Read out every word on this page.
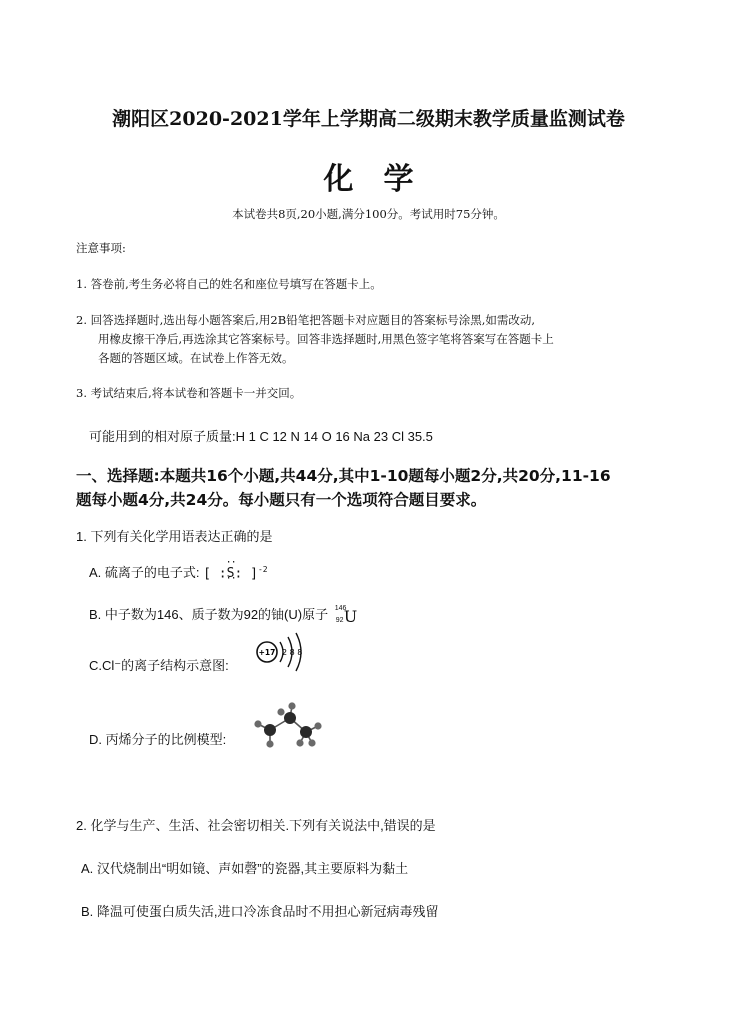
潮阳区2020-2021学年上学期高二级期末教学质量监测试卷
化学
本试卷共8页,20小题,满分100分。考试用时75分钟。
注意事项:
1. 答卷前,考生务必将自己的姓名和座位号填写在答题卡上。
2. 回答选择题时,选出每小题答案后,用2B铅笔把答题卡对应题目的答案标号涂黑,如需改动,
用橡皮擦干净后,再选涂其它答案标号。回答非选择题时,用黑色签字笔将答案写在答题卡上
各题的答题区域。在试卷上作答无效。
3. 考试结束后,将本试卷和答题卡一并交回。
可能用到的相对原子质量:H 1 C 12 N 14 O 16 Na 23 Cl 35.5
一、选择题:本题共16个小题,共44分,其中1-10题每小题2分,共20分,11-16
题每小题4分,共24分。每小题只有一个选项符合题目要求。
1. 下列有关化学用语表达正确的是
A. 硫离子的电子式: [ :·· S ··: ]$^{-2}$
B. 中子数为146、质子数为92的铀(U)原子 146
92 U
C.Cl⁻的离子结构示意图:
+17 2 8 8
D. 丙烯分子的比例模型:
2. 化学与生产、生活、社会密切相关.下列有关说法中,错误的是
A. 汉代烧制出“明如镜、声如磬”的瓷器,其主要原料为黏土
B. 降温可使蛋白质失活,进口冷冻食品时不用担心新冠病毒残留
